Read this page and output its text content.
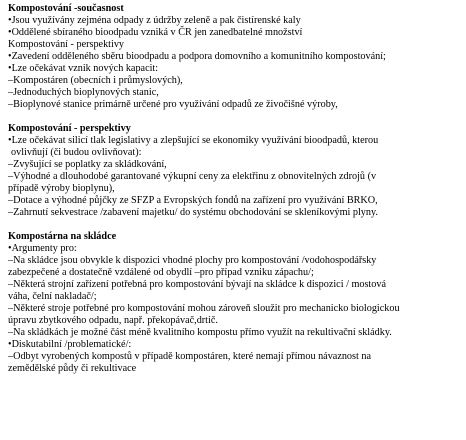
Kompostování -současnost

•Jsou využívány zejména odpady z údržby zeleně a pak čistírenské kaly

•Oddělené sbíraného bioodpadu vzniká v ČR jen zanedbatelné množství

Kompostování - perspektivy

•Zavedení odděleného sběru bioodpadu a podpora domovního a komunitního kompostování;

•Lze očekávat vznik nových kapacit:

–Kompostáren (obecních i průmyslových),

–Jednoduchých bioplynových stanic,

–Bioplynové stanice primárně určené pro využívání odpadů ze živočišné výroby,

Kompostování - perspektivy

•Lze očekávat silicí tlak legislativy a zlepšující se ekonomiky využívání bioodpadů, kterou

ovlivňují (či budou ovlivňovat):

–Zvyšující se poplatky za skládkování,

–Výhodné a dlouhodobé garantované výkupní ceny za elektřinu z obnovitelných zdrojů (v

případě výroby bioplynu),

–Dotace a výhodné půjčky ze SFZP a Evropských fondů na zařízení pro využívání BRKO,

–Zahrnutí sekvestrace /zabavení majetku/ do systému obchodování se skleníkovými plyny.

Kompostárna na skládce

•Argumenty pro:

–Na skládce jsou obvykle k dispozici vhodné plochy pro kompostování /vodohospodářsky

zabezpečené a dostatečně vzdálené od obydlí –pro případ vzniku zápachu/;

–Některá strojní zařízení potřebná pro kompostování bývají na skládce k dispozici / mostová

váha, čelní nakladač/;

–Některé stroje potřebné pro kompostování mohou zároveň sloužit pro mechanicko biologickou

úpravu zbytkového odpadu, např. překopávač,drtič.

–Na skládkách je možné část méně kvalitního kompostu přímo využít na rekultivační skládky.

•Diskutabilní /problematické/:

–Odbyt vyrobených kompostů v případě kompostáren, které nemají přímou návaznost na

zemědělské půdy či rekultivace
